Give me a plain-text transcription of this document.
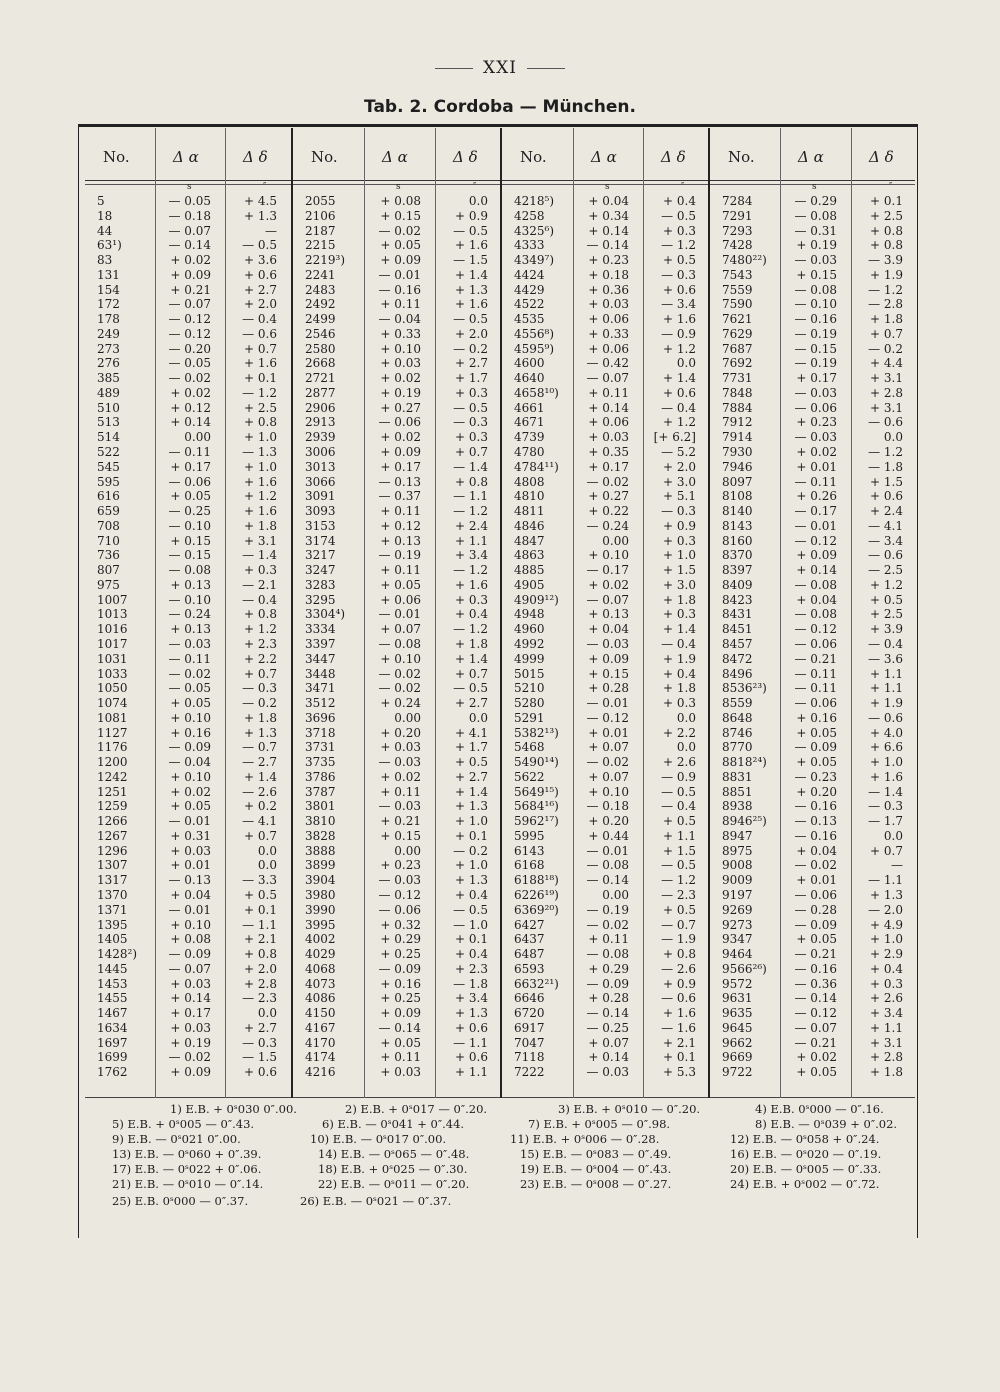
XXI
Tab. 2. Cordoba — München.
No.	Δ α	Δ δ
s	″
5	— 0.05	+ 4.5
18	— 0.18	+ 1.3
44	— 0.07	—
63¹)	— 0.14	— 0.5
83	+ 0.02	+ 3.6
131	+ 0.09	+ 0.6
154	+ 0.21	+ 2.7
172	— 0.07	+ 2.0
178	— 0.12	— 0.4
249	— 0.12	— 0.6
273	— 0.20	+ 0.7
276	— 0.05	+ 1.6
385	— 0.02	+ 0.1
489	+ 0.02	— 1.2
510	+ 0.12	+ 2.5
513	+ 0.14	+ 0.8
514	0.00	+ 1.0
522	— 0.11	— 1.3
545	+ 0.17	+ 1.0
595	— 0.06	+ 1.6
616	+ 0.05	+ 1.2
659	— 0.25	+ 1.6
708	— 0.10	+ 1.8
710	+ 0.15	+ 3.1
736	— 0.15	— 1.4
807	— 0.08	+ 0.3
975	+ 0.13	— 2.1
1007	— 0.10	— 0.4
1013	— 0.24	+ 0.8
1016	+ 0.13	+ 1.2
1017	— 0.03	+ 2.3
1031	— 0.11	+ 2.2
1033	— 0.02	+ 0.7
1050	— 0.05	— 0.3
1074	+ 0.05	— 0.2
1081	+ 0.10	+ 1.8
1127	+ 0.16	+ 1.3
1176	— 0.09	— 0.7
1200	— 0.04	— 2.7
1242	+ 0.10	+ 1.4
1251	+ 0.02	— 2.6
1259	+ 0.05	+ 0.2
1266	— 0.01	— 4.1
1267	+ 0.31	+ 0.7
1296	+ 0.03	0.0
1307	+ 0.01	0.0
1317	— 0.13	— 3.3
1370	+ 0.04	+ 0.5
1371	— 0.01	+ 0.1
1395	+ 0.10	— 1.1
1405	+ 0.08	+ 2.1
1428²)	— 0.09	+ 0.8
1445	— 0.07	+ 2.0
1453	+ 0.03	+ 2.8
1455	+ 0.14	— 2.3
1467	+ 0.17	0.0
1634	+ 0.03	+ 2.7
1697	+ 0.19	— 0.3
1699	— 0.02	— 1.5
1762	+ 0.09	+ 0.6
No.	Δ α	Δ δ
s	″
2055	+ 0.08	0.0
2106	+ 0.15	+ 0.9
2187	— 0.02	— 0.5
2215	+ 0.05	+ 1.6
2219³)	+ 0.09	— 1.5
2241	— 0.01	+ 1.4
2483	— 0.16	+ 1.3
2492	+ 0.11	+ 1.6
2499	— 0.04	— 0.5
2546	+ 0.33	+ 2.0
2580	+ 0.10	— 0.2
2668	+ 0.03	+ 2.7
2721	+ 0.02	+ 1.7
2877	+ 0.19	+ 0.3
2906	+ 0.27	— 0.5
2913	— 0.06	— 0.3
2939	+ 0.02	+ 0.3
3006	+ 0.09	+ 0.7
3013	+ 0.17	— 1.4
3066	— 0.13	+ 0.8
3091	— 0.37	— 1.1
3093	+ 0.11	— 1.2
3153	+ 0.12	+ 2.4
3174	+ 0.13	+ 1.1
3217	— 0.19	+ 3.4
3247	+ 0.11	— 1.2
3283	+ 0.05	+ 1.6
3295	+ 0.06	+ 0.3
3304⁴)	— 0.01	+ 0.4
3334	+ 0.07	— 1.2
3397	— 0.08	+ 1.8
3447	+ 0.10	+ 1.4
3448	— 0.02	+ 0.7
3471	— 0.02	— 0.5
3512	+ 0.24	+ 2.7
3696	0.00	0.0
3718	+ 0.20	+ 4.1
3731	+ 0.03	+ 1.7
3735	— 0.03	+ 0.5
3786	+ 0.02	+ 2.7
3787	+ 0.11	+ 1.4
3801	— 0.03	+ 1.3
3810	+ 0.21	+ 1.0
3828	+ 0.15	+ 0.1
3888	0.00	— 0.2
3899	+ 0.23	+ 1.0
3904	— 0.03	+ 1.3
3980	— 0.12	+ 0.4
3990	— 0.06	— 0.5
3995	+ 0.32	— 1.0
4002	+ 0.29	+ 0.1
4029	+ 0.25	+ 0.4
4068	— 0.09	+ 2.3
4073	+ 0.16	— 1.8
4086	+ 0.25	+ 3.4
4150	+ 0.09	+ 1.3
4167	— 0.14	+ 0.6
4170	+ 0.05	— 1.1
4174	+ 0.11	+ 0.6
4216	+ 0.03	+ 1.1
No.	Δ α	Δ δ
s	″
4218⁵)	+ 0.04	+ 0.4
4258	+ 0.34	— 0.5
4325⁶)	+ 0.14	+ 0.3
4333	— 0.14	— 1.2
4349⁷)	+ 0.23	+ 0.5
4424	+ 0.18	— 0.3
4429	+ 0.36	+ 0.6
4522	+ 0.03	— 3.4
4535	+ 0.06	+ 1.6
4556⁸)	+ 0.33	— 0.9
4595⁹)	+ 0.06	+ 1.2
4600	— 0.42	0.0
4640	— 0.07	+ 1.4
4658¹⁰)	+ 0.11	+ 0.6
4661	+ 0.14	— 0.4
4671	+ 0.06	+ 1.2
4739	+ 0.03	[+ 6.2]
4780	+ 0.35	— 5.2
4784¹¹)	+ 0.17	+ 2.0
4808	— 0.02	+ 3.0
4810	+ 0.27	+ 5.1
4811	+ 0.22	— 0.3
4846	— 0.24	+ 0.9
4847	0.00	+ 0.3
4863	+ 0.10	+ 1.0
4885	— 0.17	+ 1.5
4905	+ 0.02	+ 3.0
4909¹²)	— 0.07	+ 1.8
4948	+ 0.13	+ 0.3
4960	+ 0.04	+ 1.4
4992	— 0.03	— 0.4
4999	+ 0.09	+ 1.9
5015	+ 0.15	+ 0.4
5210	+ 0.28	+ 1.8
5280	— 0.01	+ 0.3
5291	— 0.12	0.0
5382¹³)	+ 0.01	+ 2.2
5468	+ 0.07	0.0
5490¹⁴)	— 0.02	+ 2.6
5622	+ 0.07	— 0.9
5649¹⁵)	+ 0.10	— 0.5
5684¹⁶)	— 0.18	— 0.4
5962¹⁷)	+ 0.20	+ 0.5
5995	+ 0.44	+ 1.1
6143	— 0.01	+ 1.5
6168	— 0.08	— 0.5
6188¹⁸)	— 0.14	— 1.2
6226¹⁹)	0.00	— 2.3
6369²⁰)	— 0.19	+ 0.5
6427	— 0.02	— 0.7
6437	+ 0.11	— 1.9
6487	— 0.08	+ 0.8
6593	+ 0.29	— 2.6
6632²¹)	— 0.09	+ 0.9
6646	+ 0.28	— 0.6
6720	— 0.14	+ 1.6
6917	— 0.25	— 1.6
7047	+ 0.07	+ 2.1
7118	+ 0.14	+ 0.1
7222	— 0.03	+ 5.3
No.	Δ α	Δ δ
s	″
7284	— 0.29	+ 0.1
7291	— 0.08	+ 2.5
7293	— 0.31	+ 0.8
7428	+ 0.19	+ 0.8
7480²²)	— 0.03	— 3.9
7543	+ 0.15	+ 1.9
7559	— 0.08	— 1.2
7590	— 0.10	— 2.8
7621	— 0.16	+ 1.8
7629	— 0.19	+ 0.7
7687	— 0.15	— 0.2
7692	— 0.19	+ 4.4
7731	+ 0.17	+ 3.1
7848	— 0.03	+ 2.8
7884	— 0.06	+ 3.1
7912	+ 0.23	— 0.6
7914	— 0.03	0.0
7930	+ 0.02	— 1.2
7946	+ 0.01	— 1.8
8097	— 0.11	+ 1.5
8108	+ 0.26	+ 0.6
8140	— 0.17	+ 2.4
8143	— 0.01	— 4.1
8160	— 0.12	— 3.4
8370	+ 0.09	— 0.6
8397	+ 0.14	— 2.5
8409	— 0.08	+ 1.2
8423	+ 0.04	+ 0.5
8431	— 0.08	+ 2.5
8451	— 0.12	+ 3.9
8457	— 0.06	— 0.4
8472	— 0.21	— 3.6
8496	— 0.11	+ 1.1
8536²³)	— 0.11	+ 1.1
8559	— 0.06	+ 1.9
8648	+ 0.16	— 0.6
8746	+ 0.05	+ 4.0
8770	— 0.09	+ 6.6
8818²⁴)	+ 0.05	+ 1.0
8831	— 0.23	+ 1.6
8851	+ 0.20	— 1.4
8938	— 0.16	— 0.3
8946²⁵)	— 0.13	— 1.7
8947	— 0.16	0.0
8975	+ 0.04	+ 0.7
9008	— 0.02	—
9009	+ 0.01	— 1.1
9197	— 0.06	+ 1.3
9269	— 0.28	— 2.0
9273	— 0.09	+ 4.9
9347	+ 0.05	+ 1.0
9464	— 0.21	+ 2.9
9566²⁶)	— 0.16	+ 0.4
9572	— 0.36	+ 0.3
9631	— 0.14	+ 2.6
9635	— 0.12	+ 3.4
9645	— 0.07	+ 1.1
9662	— 0.21	+ 3.1
9669	+ 0.02	+ 2.8
9722	+ 0.05	+ 1.8
1) E.B. + 0ˢ030 0″.00.	2) E.B. + 0ˢ017 — 0″.20.	3) E.B. + 0ˢ010 — 0″.20.	4) E.B. 0ˢ000 — 0″.16.
5) E.B. + 0ˢ005 — 0″.43.	6) E.B. — 0ˢ041 + 0″.44.	7) E.B. + 0ˢ005 — 0″.98.	8) E.B. — 0ˢ039 + 0″.02.
9) E.B. — 0ˢ021 0″.00.	10) E.B. — 0ˢ017 0″.00.	11) E.B. + 0ˢ006 — 0″.28.	12) E.B. — 0ˢ058 + 0″.24.
13) E.B. — 0ˢ060 + 0″.39.	14) E.B. — 0ˢ065 — 0″.48.	15) E.B. — 0ˢ083 — 0″.49.	16) E.B. — 0ˢ020 — 0″.19.
17) E.B. — 0ˢ022 + 0″.06.	18) E.B. + 0ˢ025 — 0″.30.	19) E.B. — 0ˢ004 — 0″.43.	20) E.B. — 0ˢ005 — 0″.33.
21) E.B. — 0ˢ010 — 0″.14.	22) E.B. — 0ˢ011 — 0″.20.	23) E.B. — 0ˢ008 — 0″.27.	24) E.B. + 0ˢ002 — 0″.72.
25) E.B. 0ˢ000 — 0″.37.	26) E.B. — 0ˢ021 — 0″.37.
